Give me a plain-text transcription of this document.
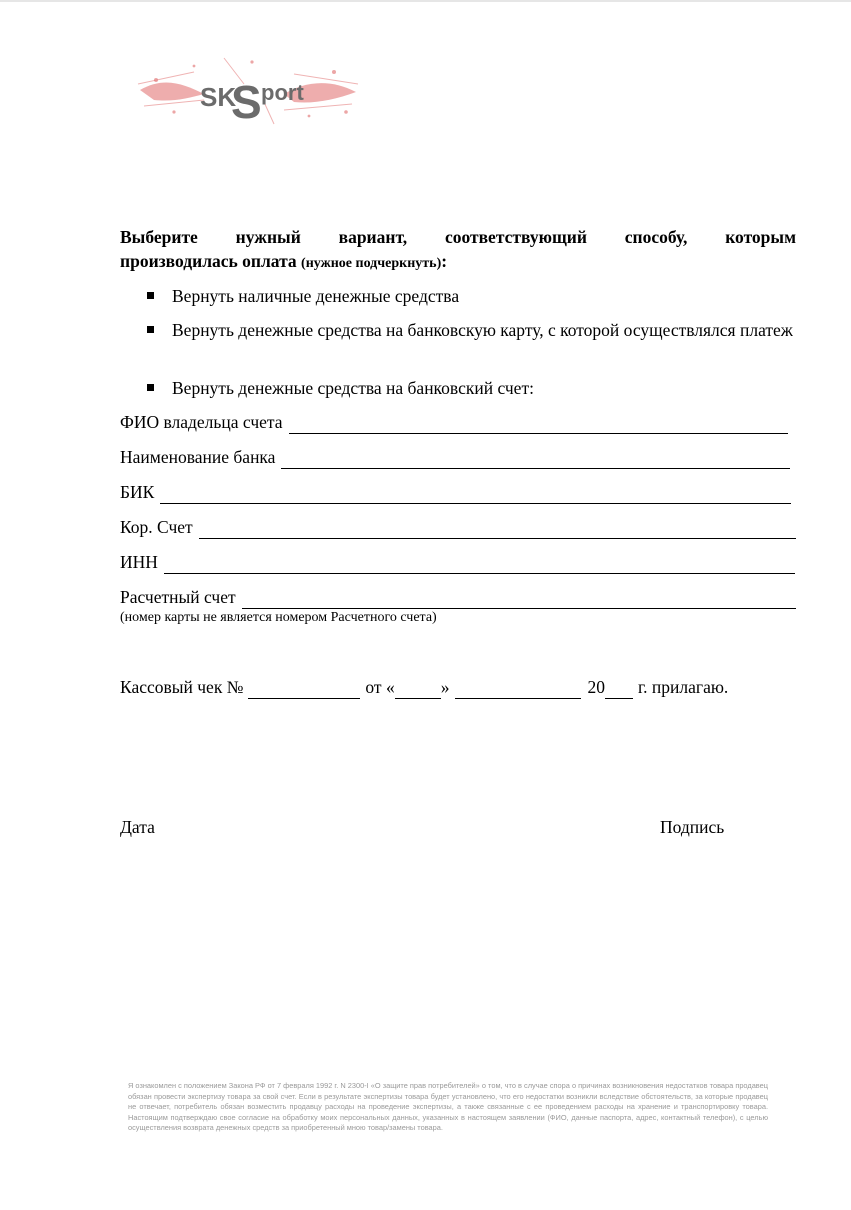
SK
S port
Выберите нужный вариант, соответствующий способу, которым
производилась оплата (нужное подчеркнуть):
Вернуть наличные денежные средства
Вернуть денежные средства на банковскую карту, с которой осуществлялся платеж
Вернуть денежные средства на банковский счет:
ФИО владельца счета
Наименование банка
БИК
Кор. Счет
ИНН
Расчетный счет
(номер карты не является номером Расчетного счета)
Кассовый чек №	от «	»	20 г. прилагаю.
Дата	Подпись
Я ознакомлен с положением Закона РФ от 7 февраля 1992 г. N 2300-I «О защите прав потребителей» о том, что в случае спора о причинах возникновения недостатков товара продавец обязан провести экспертизу товара за свой счет. Если в результате экспертизы товара будет установлено, что его недостатки возникли вследствие обстоятельств, за которые продавец не отвечает, потребитель обязан возместить продавцу расходы на проведение экспертизы, а также связанные с ее проведением расходы на хранение и транспортировку товара. Настоящим подтверждаю свое согласие на обработку моих персональных данных, указанных в настоящем заявлении (ФИО, данные паспорта, адрес, контактный телефон), с целью осуществления возврата денежных средств за приобретенный мною товар/замены товара.
